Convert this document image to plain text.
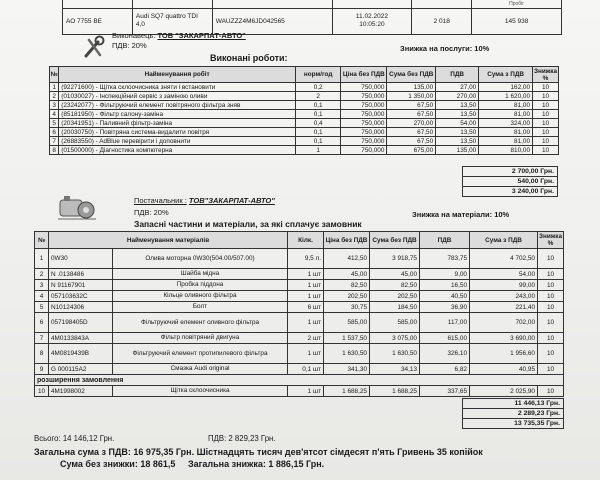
					Пробіг
АО 7755 ВЕ	Audi SQ7 quattro TDI 4,0	WAUZZZ4M6JD042565	11.02.2022
10:05:20	2 018	145 938
Виконавець: ТОВ "ЗАКАРПАТ-АВТО"
ПДВ: 20%	Знижка на послуги: 10%
Виконані роботи:
№	Найменування робіт	норм/год	Ціна без ПДВ	Сума без ПДВ	ПДВ	Сума з ПДВ	Знижка %
1	(92271600) - Щітка склоочисника зняти і встановити	0,2	750,000	135,00	27,00	162,00	10
2	(01030027) - Інспекційний сервіс з заміною оливи	2	750,000	1 350,00	270,00	1 620,00	10
3	(23242077) - Фільтруючий елемент повітряного фільтра зняв	0,1	750,000	67,50	13,50	81,00	10
4	(85181950) - Фільтр салону-заміна	0,1	750,000	67,50	13,50	81,00	10
5	(20341951) - Паливний фільтр-заміна	0,4	750,000	270,00	54,00	324,00	10
6	(20030750) - Повітряна система-видалити повітря	0,1	750,000	67,50	13,50	81,00	10
7	(26883550) - AdBlue перевірити і доповнити	0,1	750,000	67,50	13,50	81,00	10
8	(01500000) - Діагностика компютерна	1	750,000	675,00	135,00	810,00	10
2 700,00 Грн.
540,00 Грн.
3 240,00 Грн.
Постачальник : ТОВ"ЗАКАРПАТ-АВТО"
ПДВ: 20%	Знижка на матеріали: 10%
Запасні частини и матеріали, за які сплачує замовник
№	Найменування матеріалів		Кілк.	Ціна без ПДВ	Сума без ПДВ	ПДВ	Сума з ПДВ	Знижка %
1	0W30	Олива моторна 0W30(504.00/507.00)	9,5 л.	412,50	3 918,75	783,75	4 702,50	10
2	N .0138486	Шайба мідна	1 шт	45,00	45,00	9,00	54,00	10
3	N 91167901	Пробка піддона	1 шт	82,50	82,50	16,50	99,00	10
4	057103632C	Кільце оливного фільтра	1 шт	202,50	202,50	40,50	243,00	10
5	N10124306	Болт	6 шт	30,75	184,50	36,90	221,40	10
6	057198405D	Фільтруючий елемент оливного фільтра	1 шт	585,00	585,00	117,00	702,00	10
7	4M0133843A	Фільтр повітряний двигуна	2 шт	1 537,50	3 075,00	615,00	3 690,00	10
8	4M0819439B	Фільтруючий елемент протипилевого фільтра	1 шт	1 630,50	1 630,50	326,10	1 956,60	10
9	G 000115A2	Смазка Audi original	0,1 шт	341,30	34,13	6,82	40,95	10
розширення замовлення								
10	4M1998002	Щітка склоочисника	1 шт	1 688,25	1 688,25	337,65	2 025,90	10
11 446,13 Грн.
2 289,23 Грн.
13 735,35 Грн.
Всього: 14 146,12 Грн.	ПДВ: 2 829,23 Грн.
Загальна сума з ПДВ: 16 975,35 Грн. Шістнадцять тисяч дев'ятсот сімдесят п'ять Гривень 35 копійок
Сума без знижки: 18 861,5 Загальна знижка: 1 886,15 Грн.
